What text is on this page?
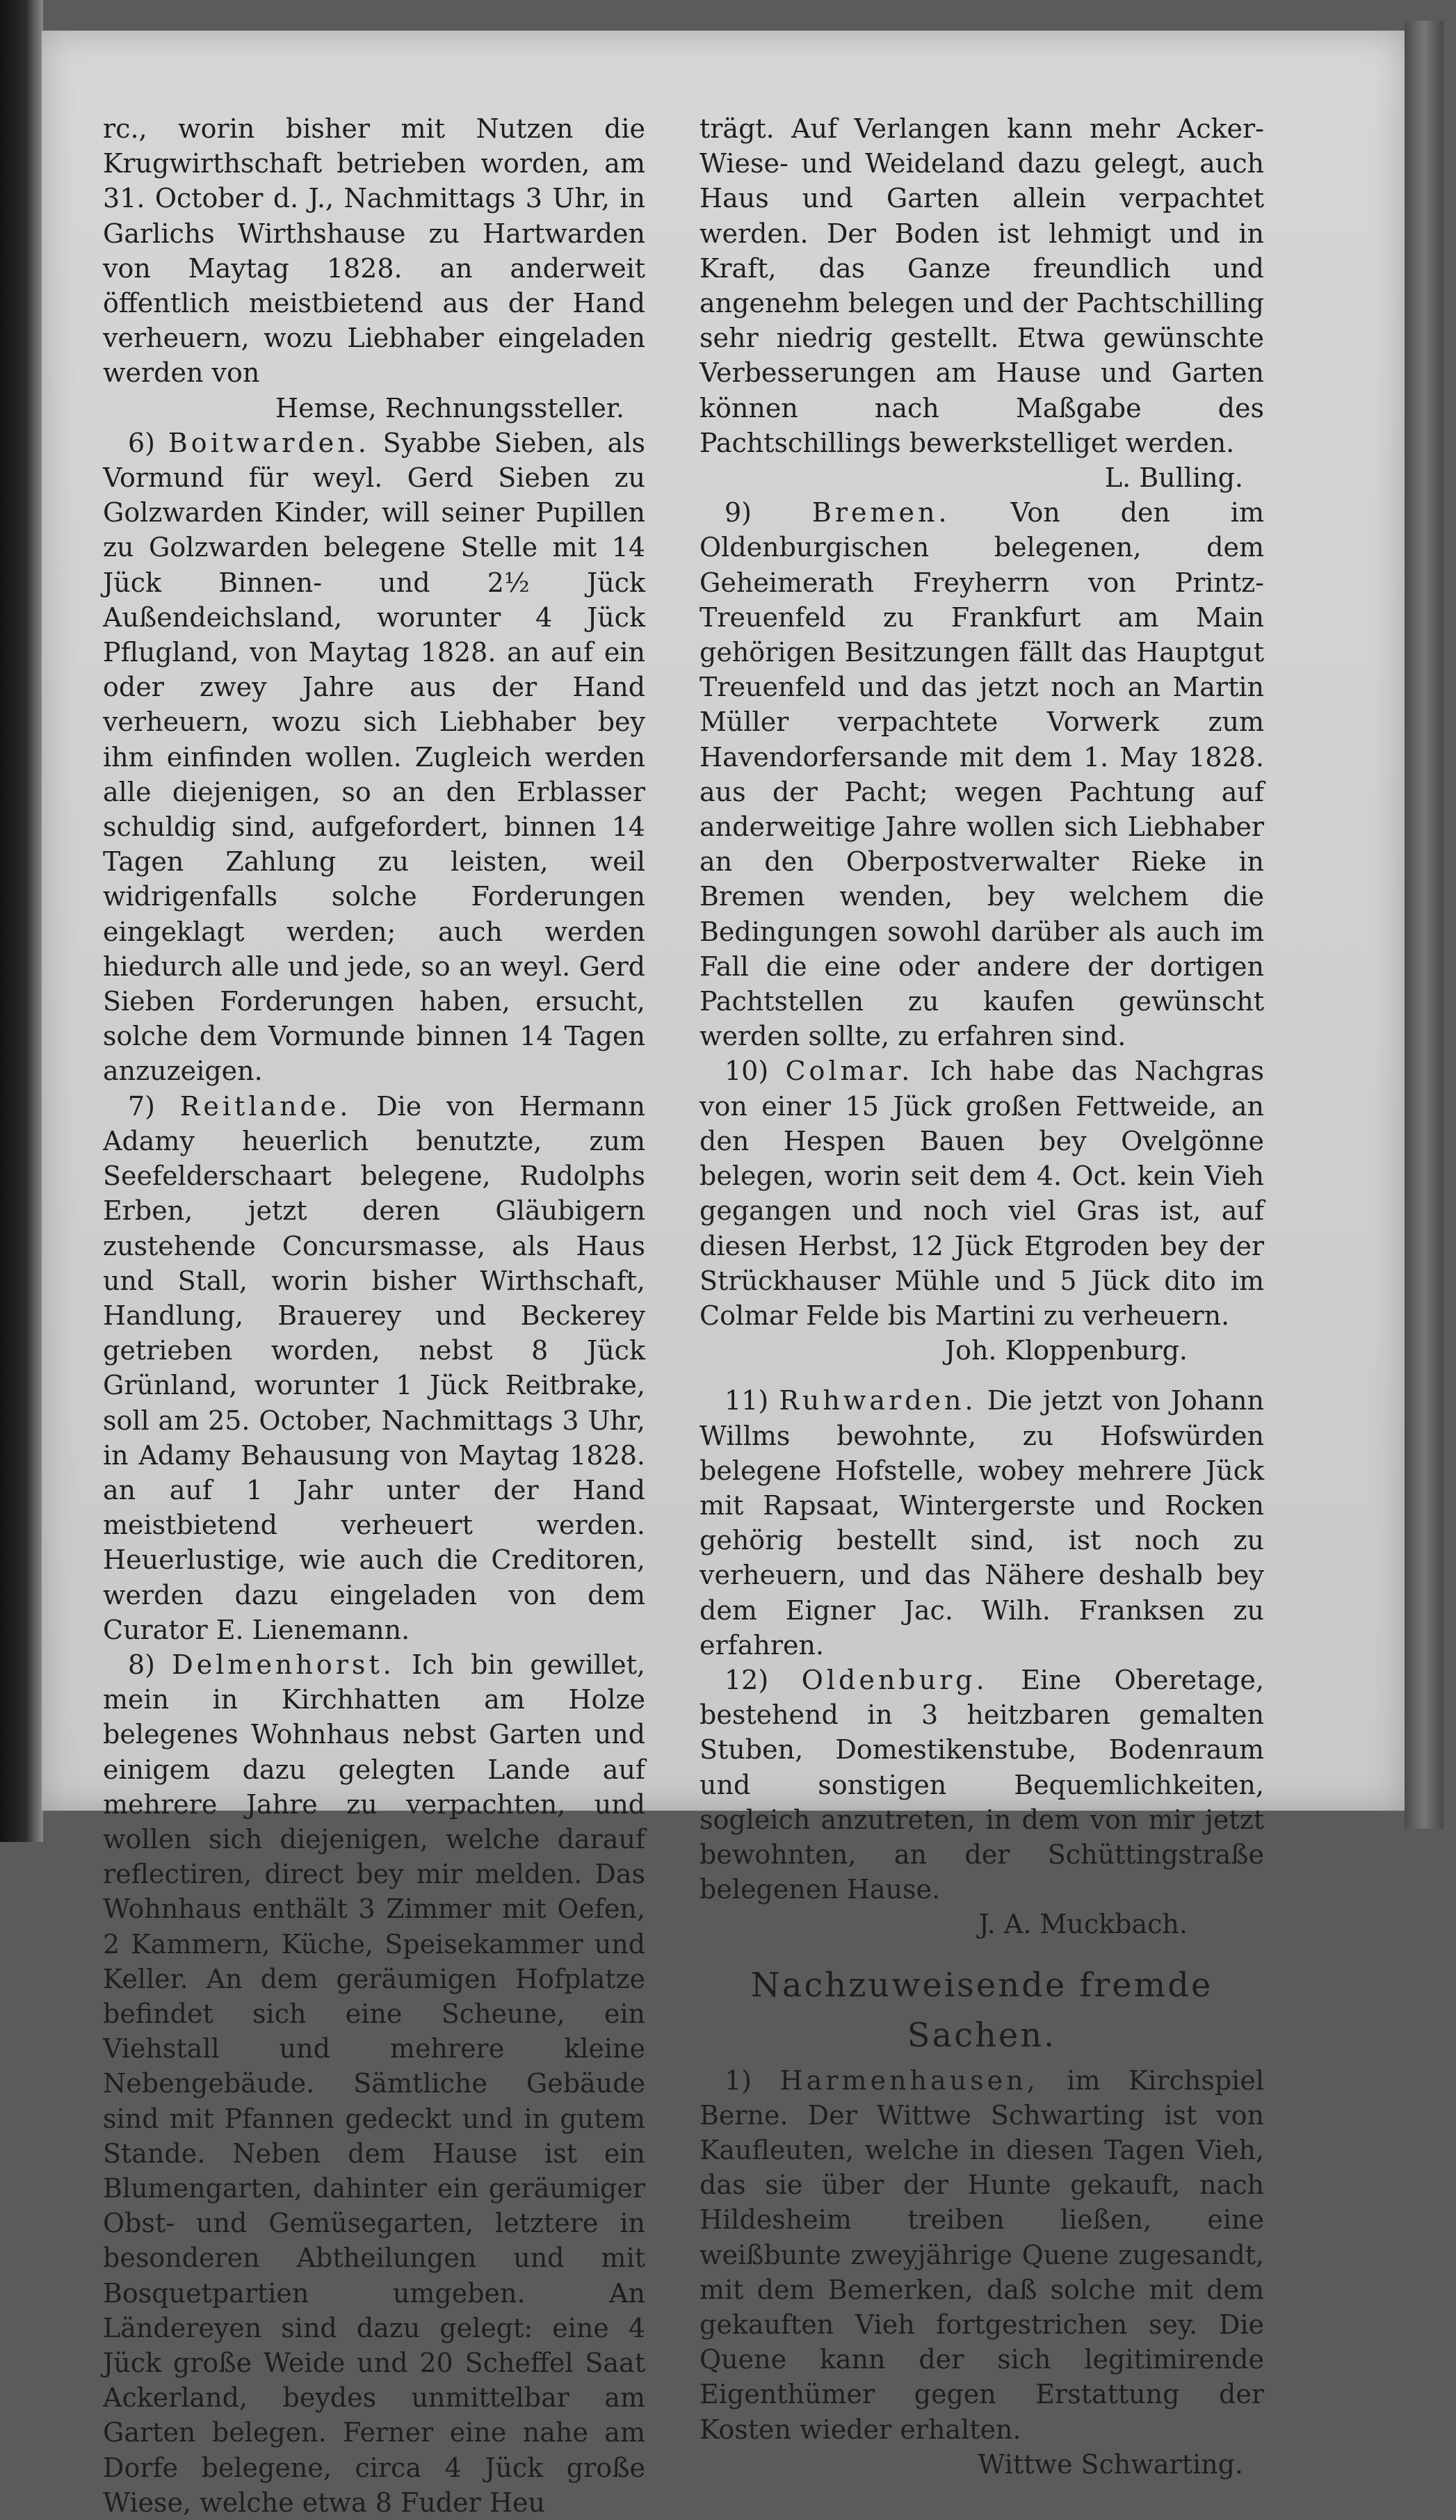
rc., worin bisher mit Nutzen die Krugwirthschaft betrieben worden, am 31. October d. J., Nachmittags 3 Uhr, in Garlichs Wirthshause zu Hartwarden von Maytag 1828. an anderweit öffentlich meistbietend aus der Hand verheuern, wozu Liebhaber eingeladen werden von

Hemse, Rechnungssteller.

6) Boitwarden. Syabbe Sieben, als Vormund für weyl. Gerd Sieben zu Golzwarden Kinder, will seiner Pupillen zu Golzwarden belegene Stelle mit 14 Jück Binnen- und 2½ Jück Außendeichsland, worunter 4 Jück Pflugland, von Maytag 1828. an auf ein oder zwey Jahre aus der Hand verheuern, wozu sich Liebhaber bey ihm einfinden wollen. Zugleich werden alle diejenigen, so an den Erblasser schuldig sind, aufgefordert, binnen 14 Tagen Zahlung zu leisten, weil widrigenfalls solche Forderungen eingeklagt werden; auch werden hiedurch alle und jede, so an weyl. Gerd Sieben Forderungen haben, ersucht, solche dem Vormunde binnen 14 Tagen anzuzeigen.

7) Reitlande. Die von Hermann Adamy heuerlich benutzte, zum Seefelderschaart belegene, Rudolphs Erben, jetzt deren Gläubigern zustehende Concursmasse, als Haus und Stall, worin bisher Wirthschaft, Handlung, Brauerey und Beckerey getrieben worden, nebst 8 Jück Grünland, worunter 1 Jück Reitbrake, soll am 25. October, Nachmittags 3 Uhr, in Adamy Behausung von Maytag 1828. an auf 1 Jahr unter der Hand meistbietend verheuert werden. Heuerlustige, wie auch die Creditoren, werden dazu eingeladen von dem Curator E. Lienemann.

8) Delmenhorst. Ich bin gewillet, mein in Kirchhatten am Holze belegenes Wohnhaus nebst Garten und einigem dazu gelegten Lande auf mehrere Jahre zu verpachten, und wollen sich diejenigen, welche darauf reflectiren, direct bey mir melden. Das Wohnhaus enthält 3 Zimmer mit Oefen, 2 Kammern, Küche, Speisekammer und Keller. An dem geräumigen Hofplatze befindet sich eine Scheune, ein Viehstall und mehrere kleine Nebengebäude. Sämtliche Gebäude sind mit Pfannen gedeckt und in gutem Stande. Neben dem Hause ist ein Blumengarten, dahinter ein geräumiger Obst- und Gemüsegarten, letztere in besonderen Abtheilungen und mit Bosquetpartien umgeben. An Ländereyen sind dazu gelegt: eine 4 Jück große Weide und 20 Scheffel Saat Ackerland, beydes unmittelbar am Garten belegen. Ferner eine nahe am Dorfe belegene, circa 4 Jück große Wiese, welche etwa 8 Fuder Heu

trägt. Auf Verlangen kann mehr Acker- Wiese- und Weideland dazu gelegt, auch Haus und Garten allein verpachtet werden. Der Boden ist lehmigt und in Kraft, das Ganze freundlich und angenehm belegen und der Pachtschilling sehr niedrig gestellt. Etwa gewünschte Verbesserungen am Hause und Garten können nach Maßgabe des Pachtschillings bewerkstelliget werden.

L. Bulling.

9) Bremen. Von den im Oldenburgischen belegenen, dem Geheimerath Freyherrn von Printz-Treuenfeld zu Frankfurt am Main gehörigen Besitzungen fällt das Hauptgut Treuenfeld und das jetzt noch an Martin Müller verpachtete Vorwerk zum Havendorfersande mit dem 1. May 1828. aus der Pacht; wegen Pachtung auf anderweitige Jahre wollen sich Liebhaber an den Oberpostverwalter Rieke in Bremen wenden, bey welchem die Bedingungen sowohl darüber als auch im Fall die eine oder andere der dortigen Pachtstellen zu kaufen gewünscht werden sollte, zu erfahren sind.

10) Colmar. Ich habe das Nachgras von einer 15 Jück großen Fettweide, an den Hespen Bauen bey Ovelgönne belegen, worin seit dem 4. Oct. kein Vieh gegangen und noch viel Gras ist, auf diesen Herbst, 12 Jück Etgroden bey der Strückhauser Mühle und 5 Jück dito im Colmar Felde bis Martini zu verheuern.

Joh. Kloppenburg.

11) Ruhwarden. Die jetzt von Johann Willms bewohnte, zu Hofswürden belegene Hofstelle, wobey mehrere Jück mit Rapsaat, Wintergerste und Rocken gehörig bestellt sind, ist noch zu verheuern, und das Nähere deshalb bey dem Eigner Jac. Wilh. Franksen zu erfahren.

12) Oldenburg. Eine Oberetage, bestehend in 3 heitzbaren gemalten Stuben, Domestikenstube, Bodenraum und sonstigen Bequemlichkeiten, sogleich anzutreten, in dem von mir jetzt bewohnten, an der Schüttingstraße belegenen Hause.

J. A. Muckbach.

Nachzuweisende fremde Sachen.

1) Harmenhausen, im Kirchspiel Berne. Der Wittwe Schwarting ist von Kaufleuten, welche in diesen Tagen Vieh, das sie über der Hunte gekauft, nach Hildesheim treiben ließen, eine weißbunte zweyjährige Quene zugesandt, mit dem Bemerken, daß solche mit dem gekauften Vieh fortgestrichen sey. Die Quene kann der sich legitimirende Eigenthümer gegen Erstattung der Kosten wieder erhalten.

Wittwe Schwarting.
